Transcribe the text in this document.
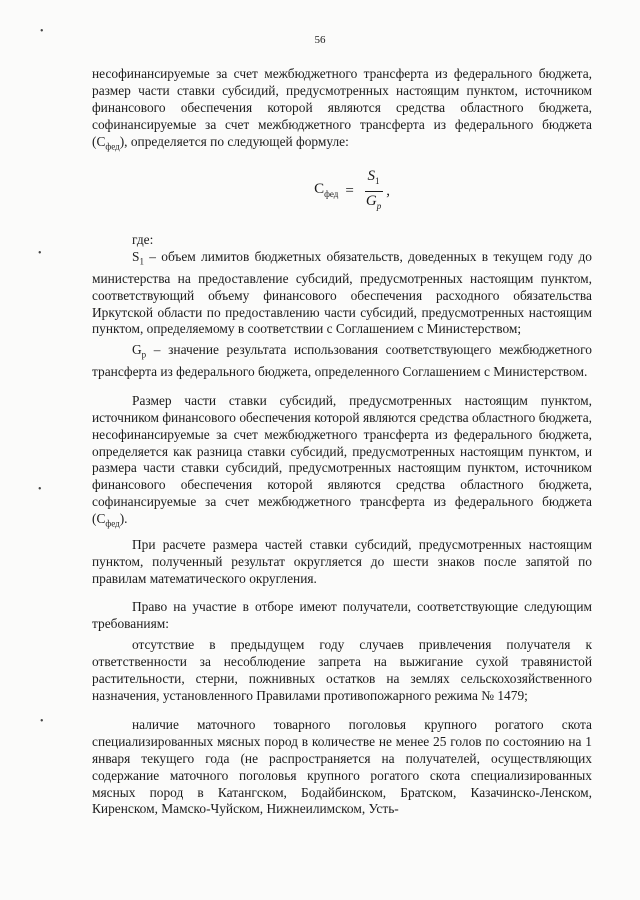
56
•
•
•
•

несофинансируемые за счет межбюджетного трансферта из федерального бюджета, размер части ставки субсидий, предусмотренных настоящим пунктом, источником финансового обеспечения которой являются средства областного бюджета, софинансируемые за счет межбюджетного трансферта из федерального бюджета $(С_{фед})$, определяется по следующей формуле:

$С_{фед} = \frac{S_1}{G_p}$ ,

где:

$S_1$ – объем лимитов бюджетных обязательств, доведенных в текущем году до министерства на предоставление субсидий, предусмотренных настоящим пунктом, соответствующий объему финансового обеспечения расходного обязательства Иркутской области по предоставлению части субсидий, предусмотренных настоящим пунктом, определяемому в соответствии с Соглашением с Министерством;

$G_p$ – значение результата использования соответствующего межбюджетного трансферта из федерального бюджета, определенного Соглашением с Министерством.

Размер части ставки субсидий, предусмотренных настоящим пунктом, источником финансового обеспечения которой являются средства областного бюджета, несофинансируемые за счет межбюджетного трансферта из федерального бюджета, определяется как разница ставки субсидий, предусмотренных настоящим пунктом, и размера части ставки субсидий, предусмотренных настоящим пунктом, источником финансового обеспечения которой являются средства областного бюджета, софинансируемые за счет межбюджетного трансферта из федерального бюджета $(С_{фед})$.

При расчете размера частей ставки субсидий, предусмотренных настоящим пунктом, полученный результат округляется до шести знаков после запятой по правилам математического округления.

Право на участие в отборе имеют получатели, соответствующие следующим требованиям:

отсутствие в предыдущем году случаев привлечения получателя к ответственности за несоблюдение запрета на выжигание сухой травянистой растительности, стерни, пожнивных остатков на землях сельскохозяйственного назначения, установленного Правилами противопожарного режима № 1479;

наличие маточного товарного поголовья крупного рогатого скота специализированных мясных пород в количестве не менее 25 голов по состоянию на 1 января текущего года (не распространяется на получателей, осуществляющих содержание маточного поголовья крупного рогатого скота специализированных мясных пород в Катангском, Бодайбинском, Братском, Казачинско-Ленском, Киренском, Мамско-Чуйском, Нижнеилимском, Усть-
